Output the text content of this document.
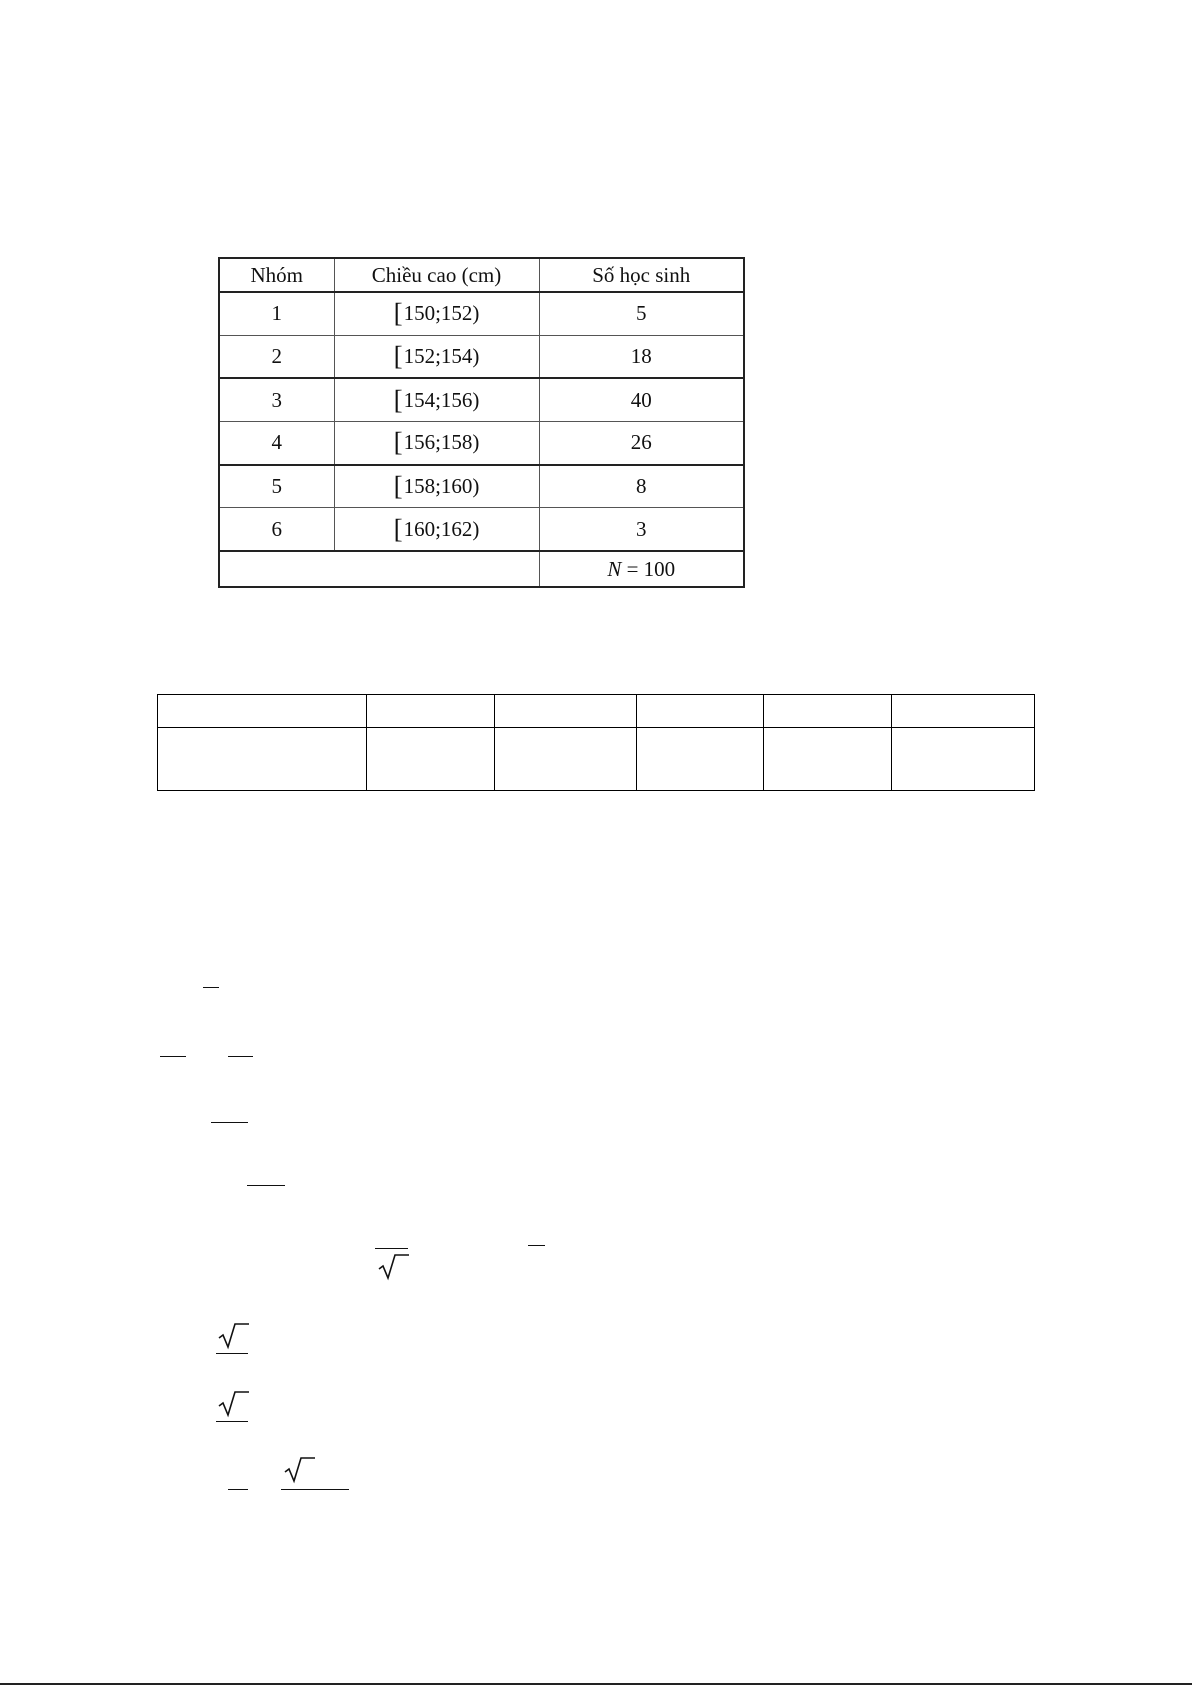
Nhóm	Chiều cao (cm)	Số học sinh
1	[150;152)	5
2	[152;154)	18
3	[154;156)	40
4	[156;158)	26
5	[158;160)	8
6	[160;162)	3
		N = 100
